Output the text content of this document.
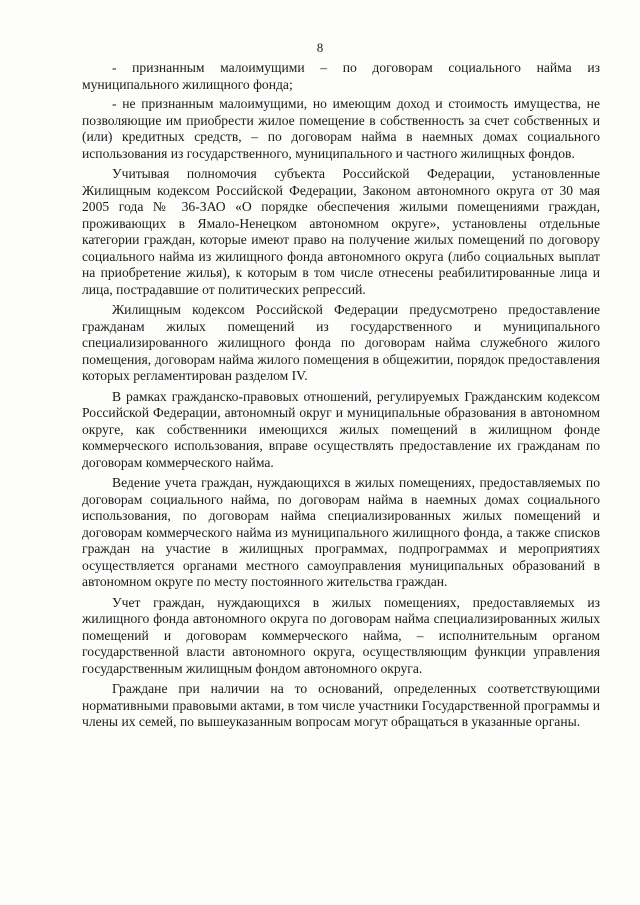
8

- признанным малоимущими – по договорам социального найма из муниципального жилищного фонда;

- не признанным малоимущими, но имеющим доход и стоимость имущества, не позволяющие им приобрести жилое помещение в собственность за счет собственных и (или) кредитных средств, – по договорам найма в наемных домах социального использования из государственного, муниципального и частного жилищных фондов.

Учитывая полномочия субъекта Российской Федерации, установленные Жилищным кодексом Российской Федерации, Законом автономного округа от 30 мая 2005 года № 36-ЗАО «О порядке обеспечения жилыми помещениями граждан, проживающих в Ямало-Ненецком автономном округе», установлены отдельные категории граждан, которые имеют право на получение жилых помещений по договору социального найма из жилищного фонда автономного округа (либо социальных выплат на приобретение жилья), к которым в том числе отнесены реабилитированные лица и лица, пострадавшие от политических репрессий.

Жилищным кодексом Российской Федерации предусмотрено предоставление гражданам жилых помещений из государственного и муниципального специализированного жилищного фонда по договорам найма служебного жилого помещения, договорам найма жилого помещения в общежитии, порядок предоставления которых регламентирован разделом IV.

В рамках гражданско-правовых отношений, регулируемых Гражданским кодексом Российской Федерации, автономный округ и муниципальные образования в автономном округе, как собственники имеющихся жилых помещений в жилищном фонде коммерческого использования, вправе осуществлять предоставление их гражданам по договорам коммерческого найма.

Ведение учета граждан, нуждающихся в жилых помещениях, предоставляемых по договорам социального найма, по договорам найма в наемных домах социального использования, по договорам найма специализированных жилых помещений и договорам коммерческого найма из муниципального жилищного фонда, а также списков граждан на участие в жилищных программах, подпрограммах и мероприятиях осуществляется органами местного самоуправления муниципальных образований в автономном округе по месту постоянного жительства граждан.

Учет граждан, нуждающихся в жилых помещениях, предоставляемых из жилищного фонда автономного округа по договорам найма специализированных жилых помещений и договорам коммерческого найма, – исполнительным органом государственной власти автономного округа, осуществляющим функции управления государственным жилищным фондом автономного округа.

Граждане при наличии на то оснований, определенных соответствующими нормативными правовыми актами, в том числе участники Государственной программы и члены их семей, по вышеуказанным вопросам могут обращаться в указанные органы.
